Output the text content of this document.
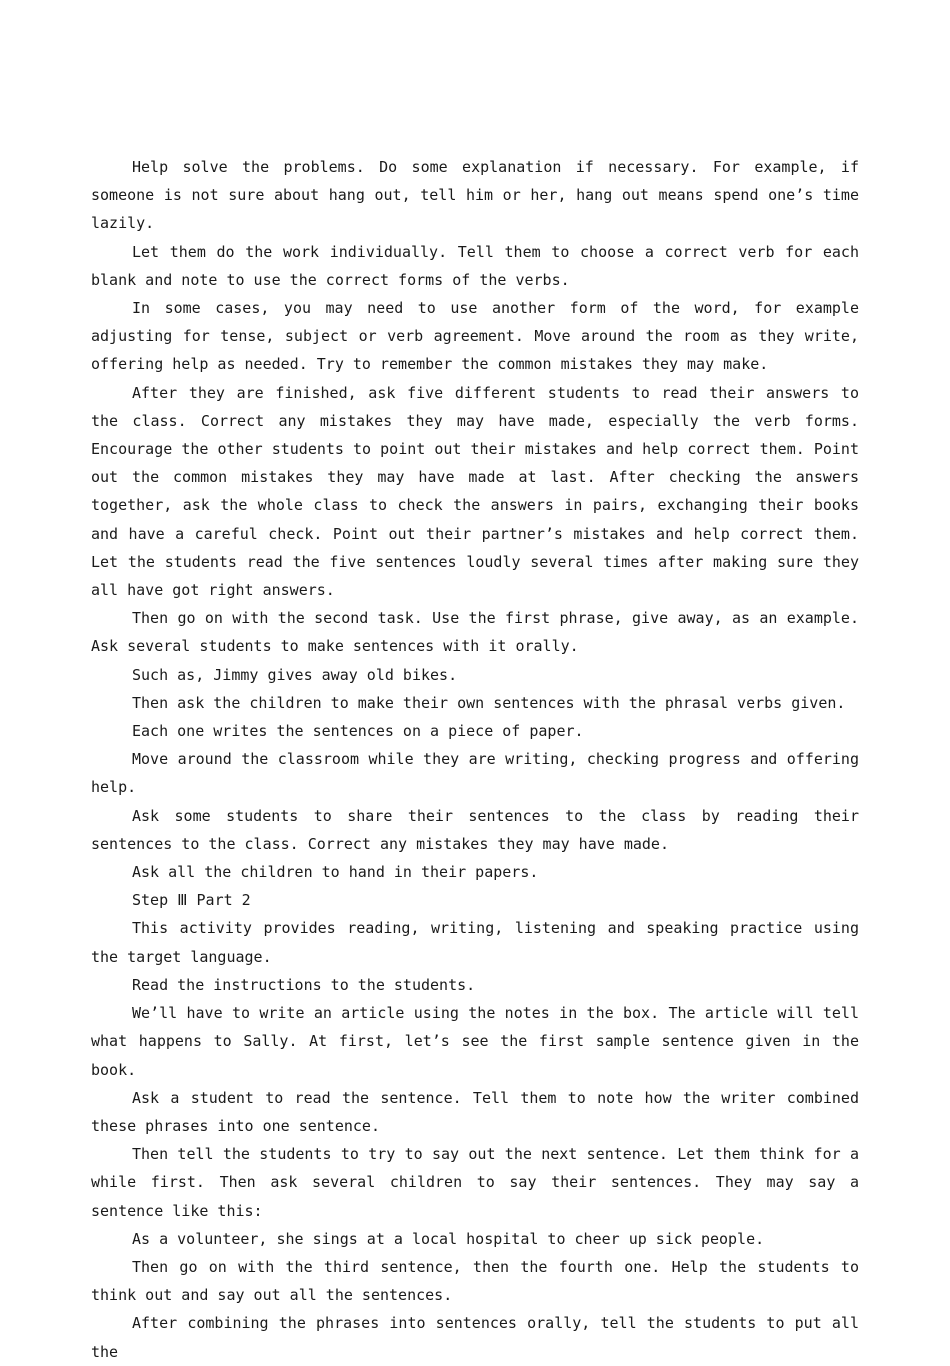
Help solve the problems. Do some explanation if necessary. For example, if someone is not sure about hang out, tell him or her, hang out means spend one’s time lazily.

Let them do the work individually. Tell them to choose a correct verb for each blank and note to use the correct forms of the verbs.

In some cases, you may need to use another form of the word, for example adjusting for tense, subject or verb agreement. Move around the room as they write, offering help as needed. Try to remember the common mistakes they may make.

After they are finished, ask five different students to read their answers to the class. Correct any mistakes they may have made, especially the verb forms. Encourage the other students to point out their mistakes and help correct them. Point out the common mistakes they may have made at last. After checking the answers together, ask the whole class to check the answers in pairs, exchanging their books and have a careful check. Point out their partner’s mistakes and help correct them. Let the students read the five sentences loudly several times after making sure they all have got right answers.

Then go on with the second task. Use the first phrase, give away, as an example. Ask several students to make sentences with it orally.

Such as, Jimmy gives away old bikes.

Then ask the children to make their own sentences with the phrasal verbs given.

Each one writes the sentences on a piece of paper.

Move around the classroom while they are writing, checking progress and offering help.

Ask some students to share their sentences to the class by reading their sentences to the class. Correct any mistakes they may have made.

Ask all the children to hand in their papers.

Step Ⅲ Part 2

This activity provides reading, writing, listening and speaking practice using the target language.

Read the instructions to the students.

We’ll have to write an article using the notes in the box. The article will tell what happens to Sally. At first, let’s see the first sample sentence given in the book.

Ask a student to read the sentence. Tell them to note how the writer combined these phrases into one sentence.

Then tell the students to try to say out the next sentence. Let them think for a while first. Then ask several children to say their sentences. They may say a sentence like this:

As a volunteer, she sings at a local hospital to cheer up sick people.

Then go on with the third sentence, then the fourth one. Help the students to think out and say out all the sentences.

After combining the phrases into sentences orally, tell the students to put all the
